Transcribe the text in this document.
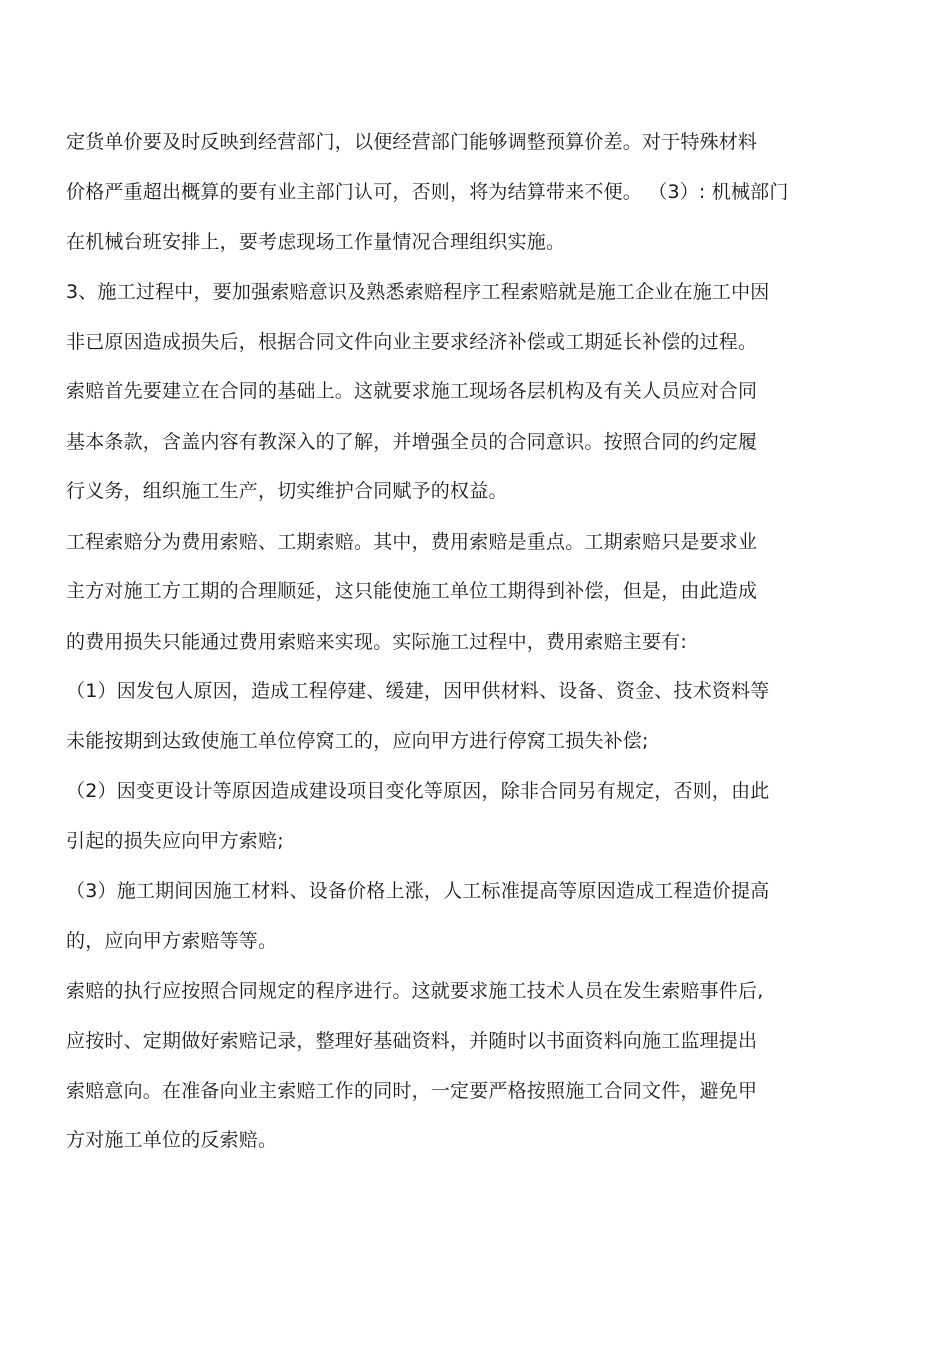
定货单价要及时反映到经营部门，以便经营部门能够调整预算价差。对于特殊材料
价格严重超出概算的要有业主部门认可，否则，将为结算带来不便。 （3）: 机械部门
在机械台班安排上，要考虑现场工作量情况合理组织实施。
3、施工过程中，要加强索赔意识及熟悉索赔程序工程索赔就是施工企业在施工中因
非已原因造成损失后，根据合同文件向业主要求经济补偿或工期延长补偿的过程。
索赔首先要建立在合同的基础上。这就要求施工现场各层机构及有关人员应对合同
基本条款，含盖内容有教深入的了解，并增强全员的合同意识。按照合同的约定履
行义务，组织施工生产，切实维护合同赋予的权益。
工程索赔分为费用索赔、工期索赔。其中，费用索赔是重点。工期索赔只是要求业
主方对施工方工期的合理顺延，这只能使施工单位工期得到补偿，但是，由此造成
的费用损失只能通过费用索赔来实现。实际施工过程中，费用索赔主要有:
（1）因发包人原因，造成工程停建、缓建，因甲供材料、设备、资金、技术资料等
未能按期到达致使施工单位停窝工的，应向甲方进行停窝工损失补偿;
（2）因变更设计等原因造成建设项目变化等原因，除非合同另有规定，否则，由此
引起的损失应向甲方索赔;
（3）施工期间因施工材料、设备价格上涨，人工标准提高等原因造成工程造价提高
的，应向甲方索赔等等。
索赔的执行应按照合同规定的程序进行。这就要求施工技术人员在发生索赔事件后,
应按时、定期做好索赔记录，整理好基础资料，并随时以书面资料向施工监理提出
索赔意向。在准备向业主索赔工作的同时，一定要严格按照施工合同文件，避免甲
方对施工单位的反索赔。
